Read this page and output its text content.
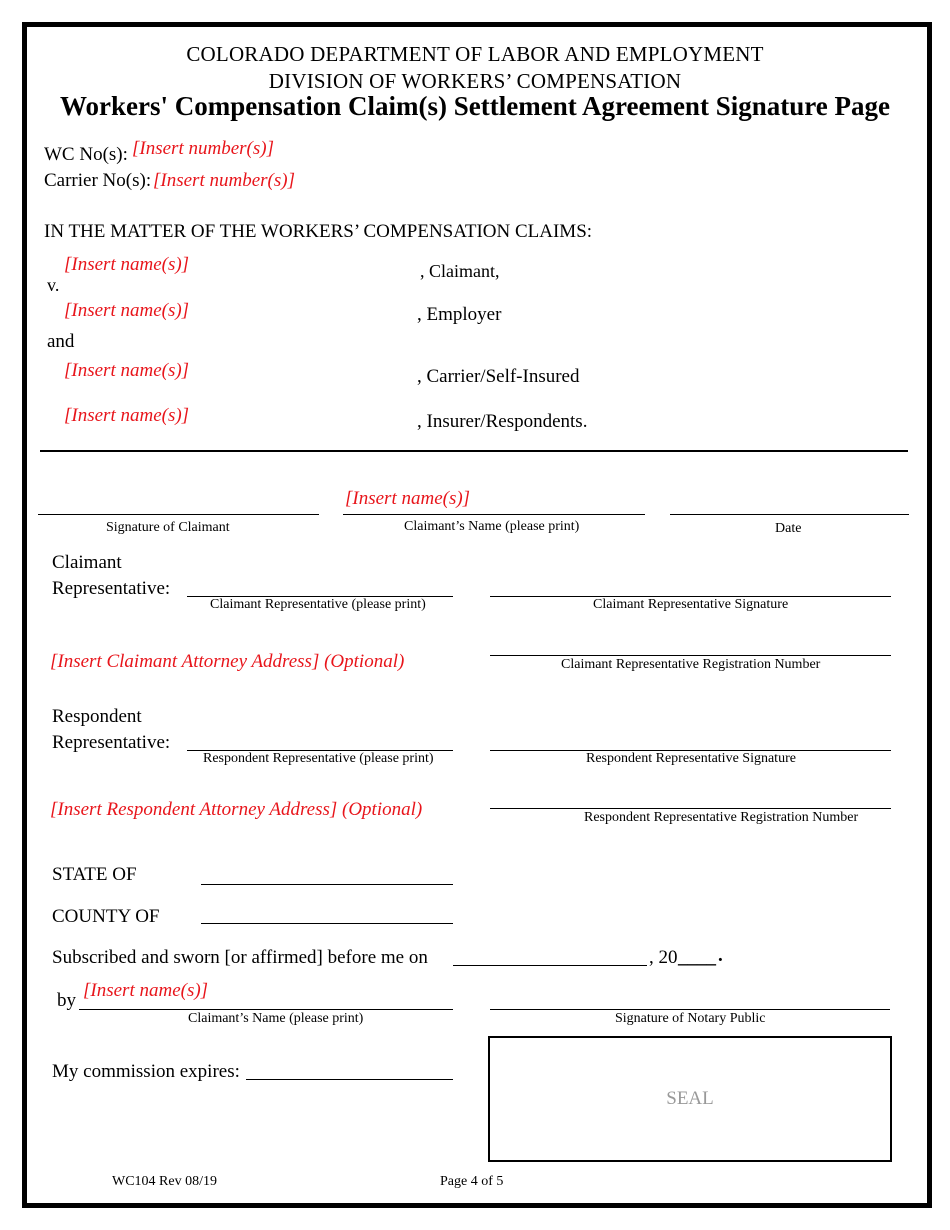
COLORADO DEPARTMENT OF LABOR AND EMPLOYMENT
DIVISION OF WORKERS’ COMPENSATION
Workers' Compensation Claim(s) Settlement Agreement Signature Page
WC No(s): [Insert number(s)]
Carrier No(s): [Insert number(s)]
IN THE MATTER OF THE WORKERS’ COMPENSATION CLAIMS:
[Insert name(s)]	, Claimant,
v.
[Insert name(s)]	, Employer
and
[Insert name(s)]	, Carrier/Self-Insured
[Insert name(s)]	, Insurer/Respondents.
[Insert name(s)]
Signature of Claimant	Claimant’s Name (please print)	Date
Claimant
Representative:
Claimant Representative (please print)	Claimant Representative Signature
[Insert Claimant Attorney Address] (Optional)	Claimant Representative Registration Number
Respondent
Representative:
Respondent Representative (please print)	Respondent Representative Signature
[Insert Respondent Attorney Address] (Optional)	Respondent Representative Registration Number
STATE OF
COUNTY OF
Subscribed and sworn [or affirmed] before me on	, 20 ____ .
by [Insert name(s)]
Claimant’s Name (please print)	Signature of Notary Public
My commission expires:
SEAL
WC104 Rev 08/19	Page 4 of 5
